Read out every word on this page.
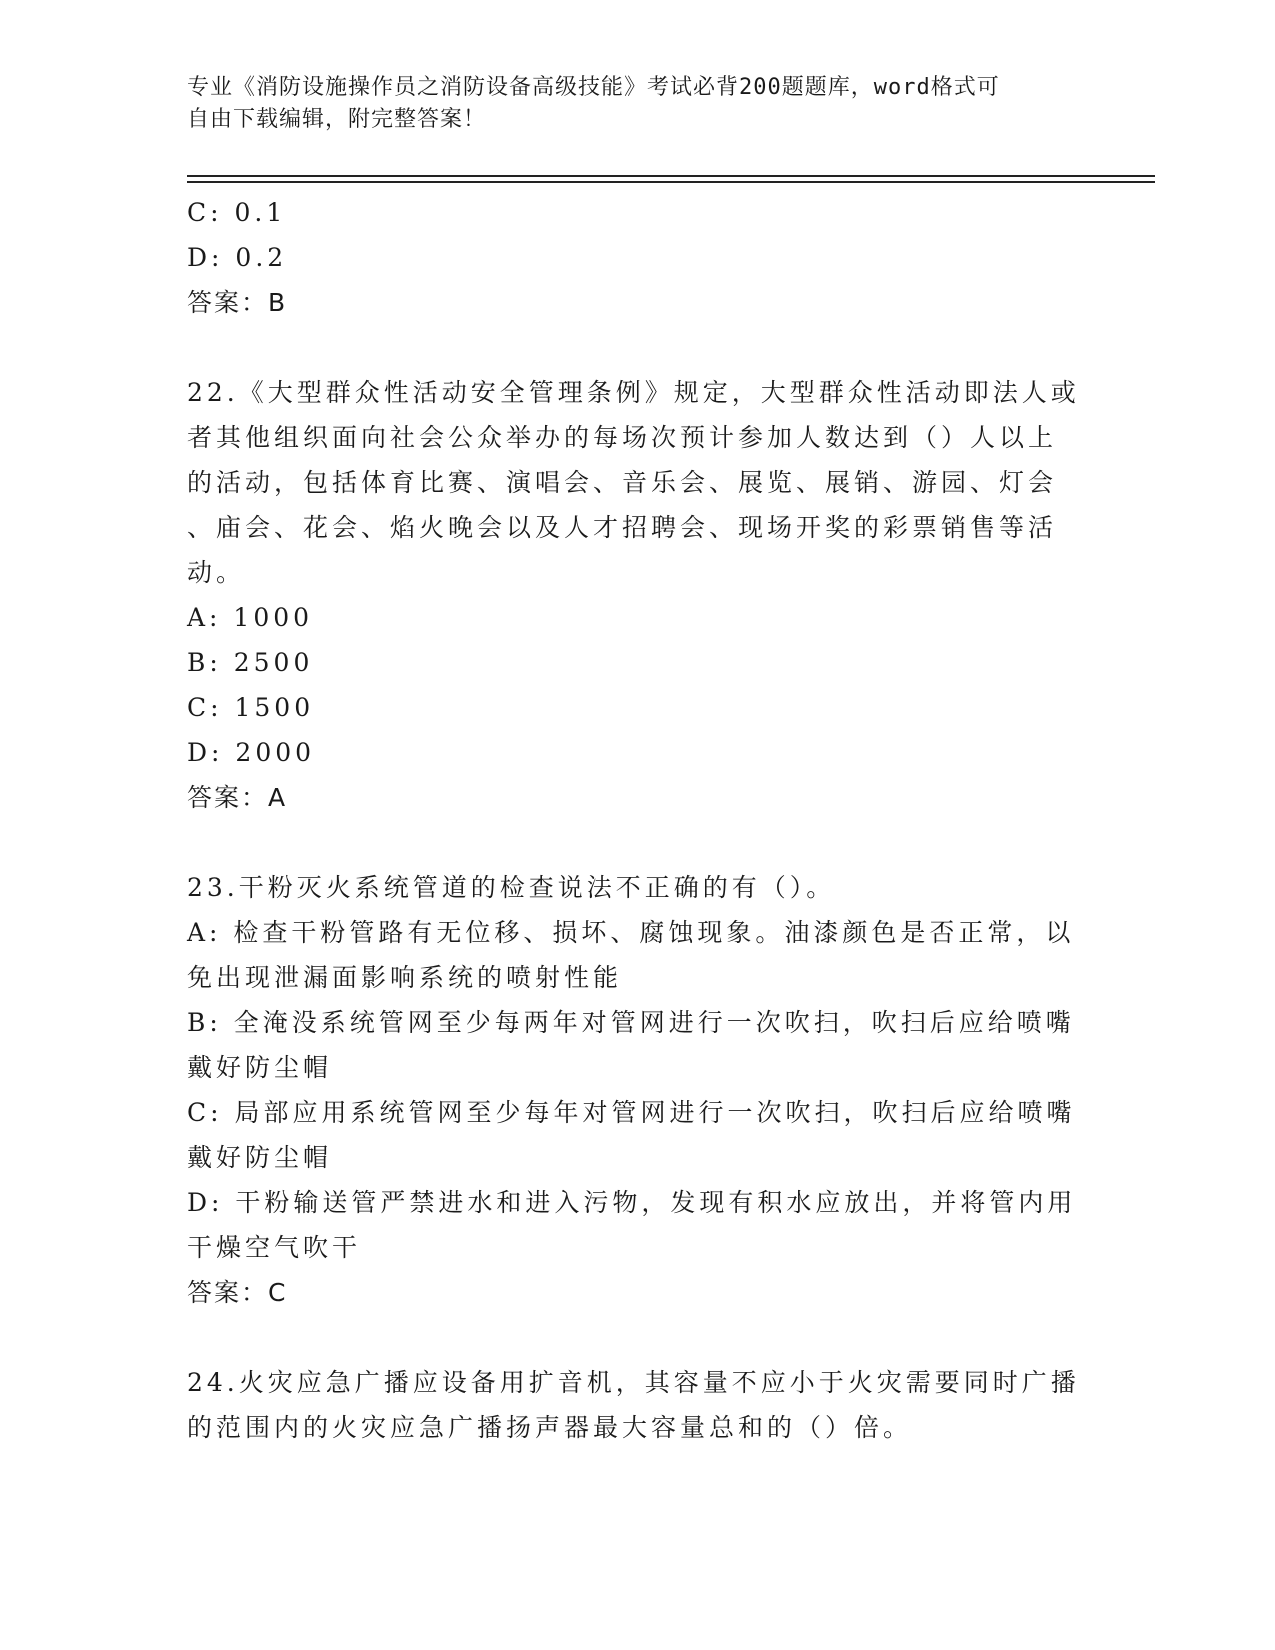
专业《消防设施操作员之消防设备高级技能》考试必背200题题库，word格式可
自由下载编辑，附完整答案！
C: 0.1
D: 0.2
答案：B
22.《大型群众性活动安全管理条例》规定，大型群众性活动即法人或
者其他组织面向社会公众举办的每场次预计参加人数达到（）人以上
的活动，包括体育比赛、演唱会、音乐会、展览、展销、游园、灯会
、庙会、花会、焰火晚会以及人才招聘会、现场开奖的彩票销售等活
动。
A: 1000
B: 2500
C: 1500
D: 2000
答案：A
23.干粉灭火系统管道的检查说法不正确的有（）。
A: 检查干粉管路有无位移、损坏、腐蚀现象。油漆颜色是否正常，以
免出现泄漏面影响系统的喷射性能
B: 全淹没系统管网至少每两年对管网进行一次吹扫，吹扫后应给喷嘴
戴好防尘帽
C: 局部应用系统管网至少每年对管网进行一次吹扫，吹扫后应给喷嘴
戴好防尘帽
D: 干粉输送管严禁进水和进入污物，发现有积水应放出，并将管内用
干燥空气吹干
答案：C
24.火灾应急广播应设备用扩音机，其容量不应小于火灾需要同时广播
的范围内的火灾应急广播扬声器最大容量总和的（）倍。
